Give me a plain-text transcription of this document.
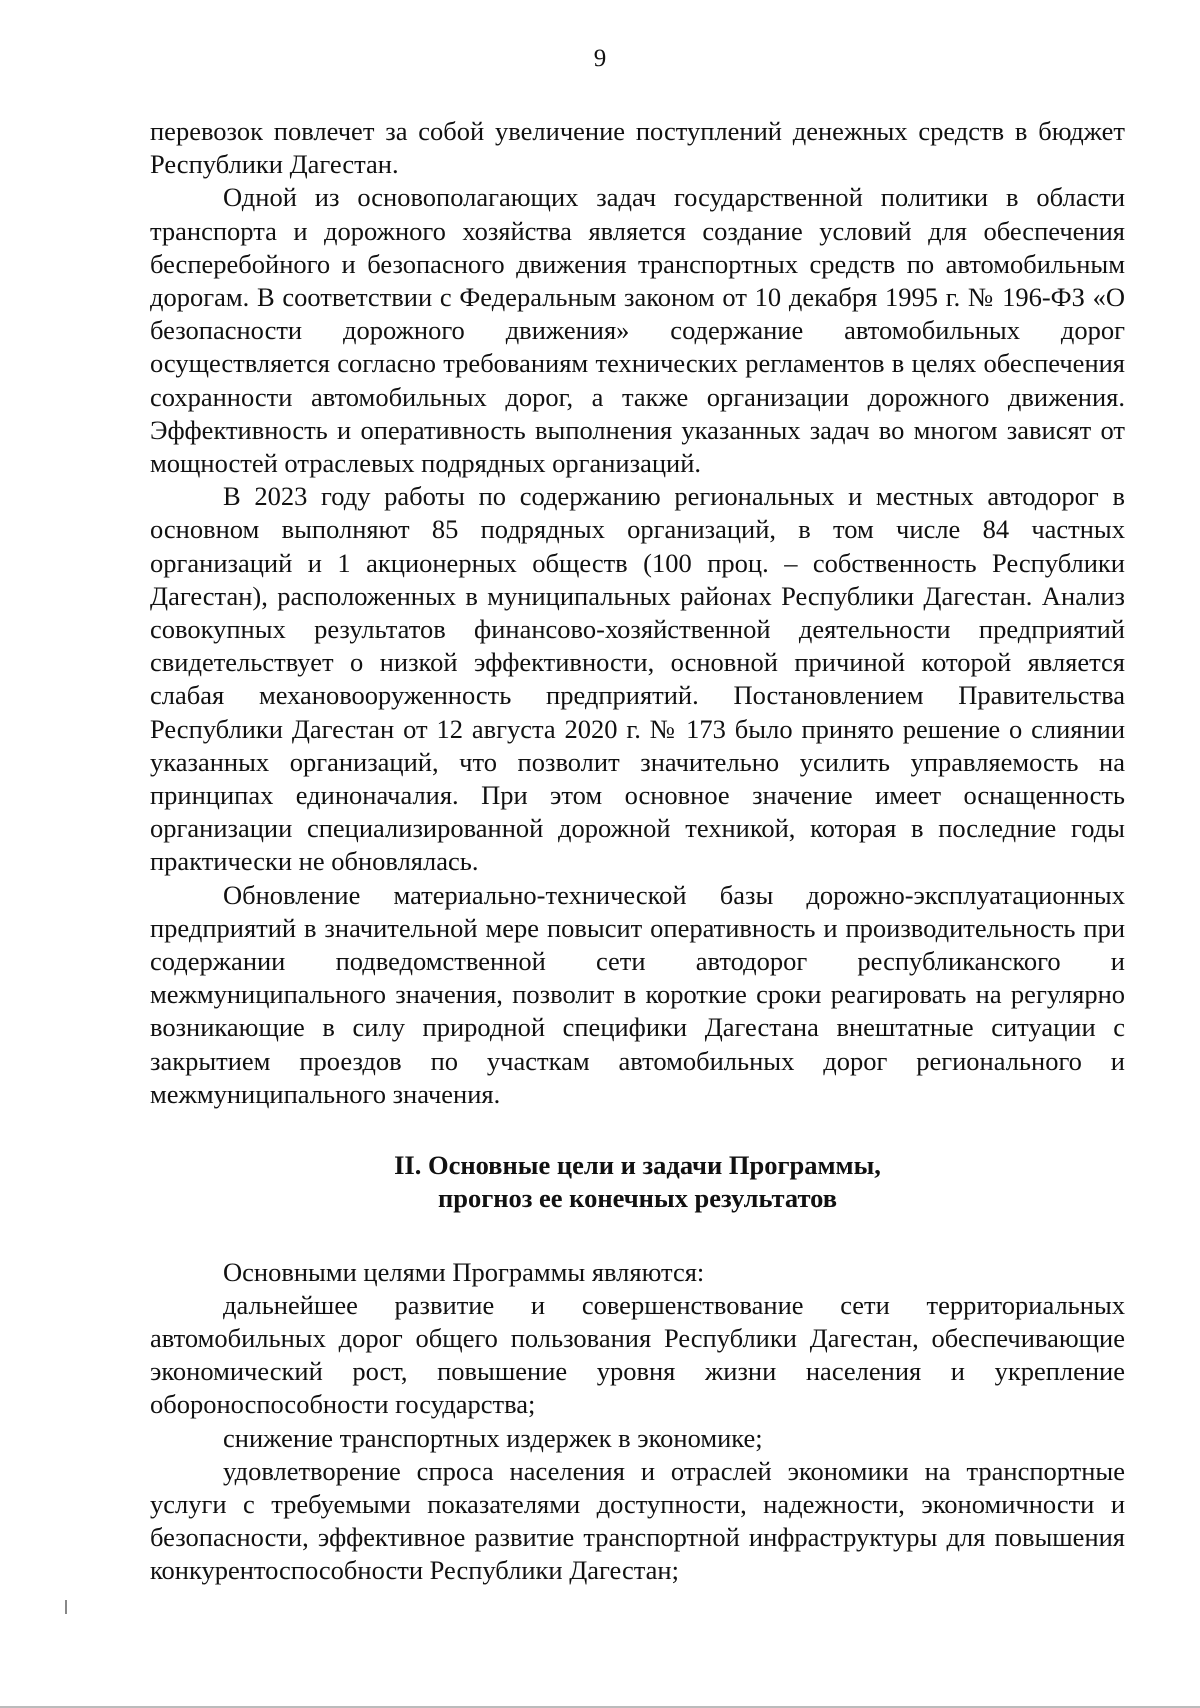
9

перевозок повлечет за собой увеличение поступлений денежных средств в бюджет Республики Дагестан.

Одной из основополагающих задач государственной политики в области транспорта и дорожного хозяйства является создание условий для обеспечения бесперебойного и безопасного движения транспортных средств по автомобильным дорогам. В соответствии с Федеральным законом от 10 декабря 1995 г. № 196-ФЗ «О безопасности дорожного движения» содержание автомобильных дорог осуществляется согласно требованиям технических регламентов в целях обеспечения сохранности автомобильных дорог, а также организации дорожного движения. Эффективность и оперативность выполнения указанных задач во многом зависят от мощностей отраслевых подрядных организаций.

В 2023 году работы по содержанию региональных и местных автодорог в основном выполняют 85 подрядных организаций, в том числе 84 частных организаций и 1 акционерных обществ (100 проц. – собственность Республики Дагестан), расположенных в муниципальных районах Республики Дагестан. Анализ совокупных результатов финансово-хозяйственной деятельности предприятий свидетельствует о низкой эффективности, основной причиной которой является слабая механовооруженность предприятий. Постановлением Правительства Республики Дагестан от 12 августа 2020 г. № 173 было принято решение о слиянии указанных организаций, что позволит значительно усилить управляемость на принципах единоначалия. При этом основное значение имеет оснащенность организации специализированной дорожной техникой, которая в последние годы практически не обновлялась.

Обновление материально-технической базы дорожно-эксплуатационных предприятий в значительной мере повысит оперативность и производительность при содержании подведомственной сети автодорог республиканского и межмуниципального значения, позволит в короткие сроки реагировать на регулярно возникающие в силу природной специфики Дагестана внештатные ситуации с закрытием проездов по участкам автомобильных дорог регионального и межмуниципального значения.

II. Основные цели и задачи Программы,
прогноз ее конечных результатов

Основными целями Программы являются:

дальнейшее развитие и совершенствование сети территориальных автомобильных дорог общего пользования Республики Дагестан, обеспечивающие экономический рост, повышение уровня жизни населения и укрепление обороноспособности государства;

снижение транспортных издержек в экономике;

удовлетворение спроса населения и отраслей экономики на транспортные услуги с требуемыми показателями доступности, надежности, экономичности и безопасности, эффективное развитие транспортной инфраструктуры для повышения конкурентоспособности Республики Дагестан;
